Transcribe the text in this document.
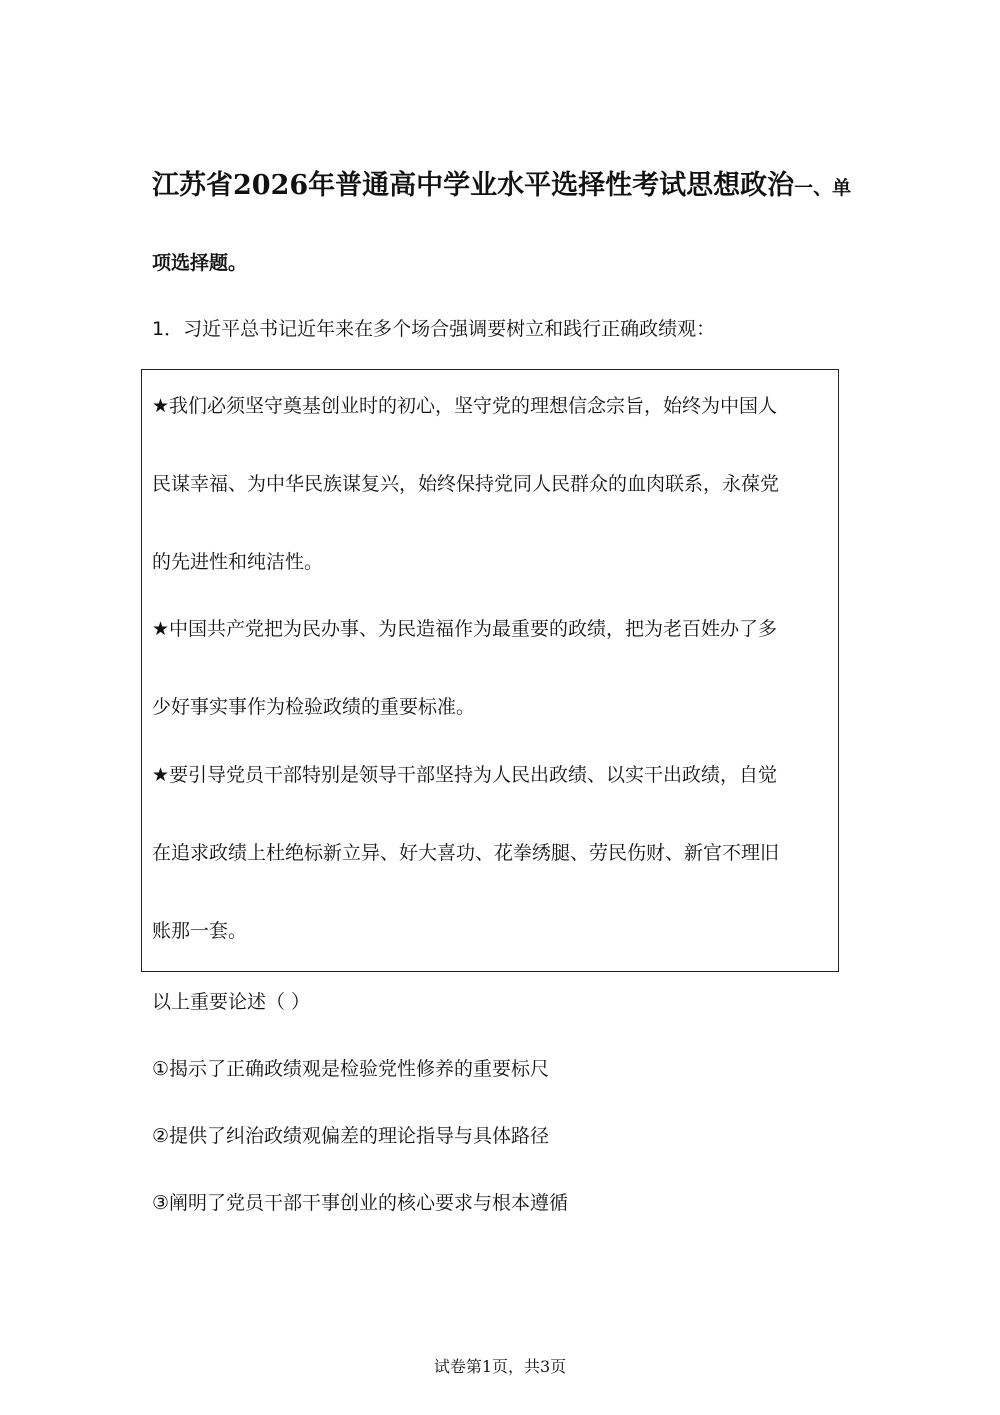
江苏省2026年普通高中学业水平选择性考试思想政治一、单
项选择题。
1．习近平总书记近年来在多个场合强调要树立和践行正确政绩观：
★我们必须坚守奠基创业时的初心，坚守党的理想信念宗旨，始终为中国人
民谋幸福、为中华民族谋复兴，始终保持党同人民群众的血肉联系，永葆党
的先进性和纯洁性。
★中国共产党把为民办事、为民造福作为最重要的政绩，把为老百姓办了多
少好事实事作为检验政绩的重要标准。
★要引导党员干部特别是领导干部坚持为人民出政绩、以实干出政绩，自觉
在追求政绩上杜绝标新立异、好大喜功、花拳绣腿、劳民伤财、新官不理旧
账那一套。
以上重要论述（ ）
①揭示了正确政绩观是检验党性修养的重要标尺
②提供了纠治政绩观偏差的理论指导与具体路径
③阐明了党员干部干事创业的核心要求与根本遵循
试卷第1页，共3页
